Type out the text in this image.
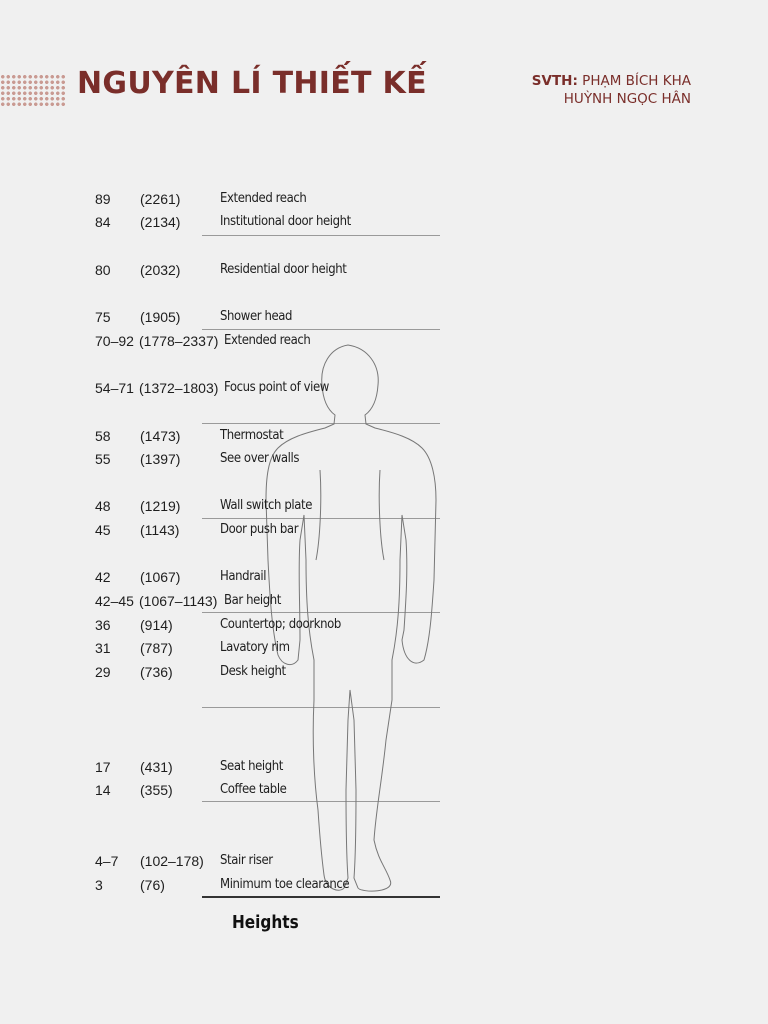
NGUYÊN LÍ THIẾT KẾ	SVTH: PHẠM BÍCH KHA
HUỲNH NGỌC HÂN
89 (2261)	Extended reach
84 (2134)	Institutional door height
80 (2032)	Residential door height
75 (1905)	Shower head
70–92 (1778–2337) Extended reach
54–71 (1372–1803) Focus point of view
58 (1473)	Thermostat
55 (1397)	See over walls
48 (1219)	Wall switch plate
45 (1143)	Door push bar
42 (1067)	Handrail
42–45 (1067–1143) Bar height
36 (914)	Countertop; doorknob
31 (787)	Lavatory rim
29 (736)	Desk height
17 (431)	Seat height
14 (355)	Coffee table
4–7 (102–178) Stair riser
3	(76)	Minimum toe clearance
Heights
